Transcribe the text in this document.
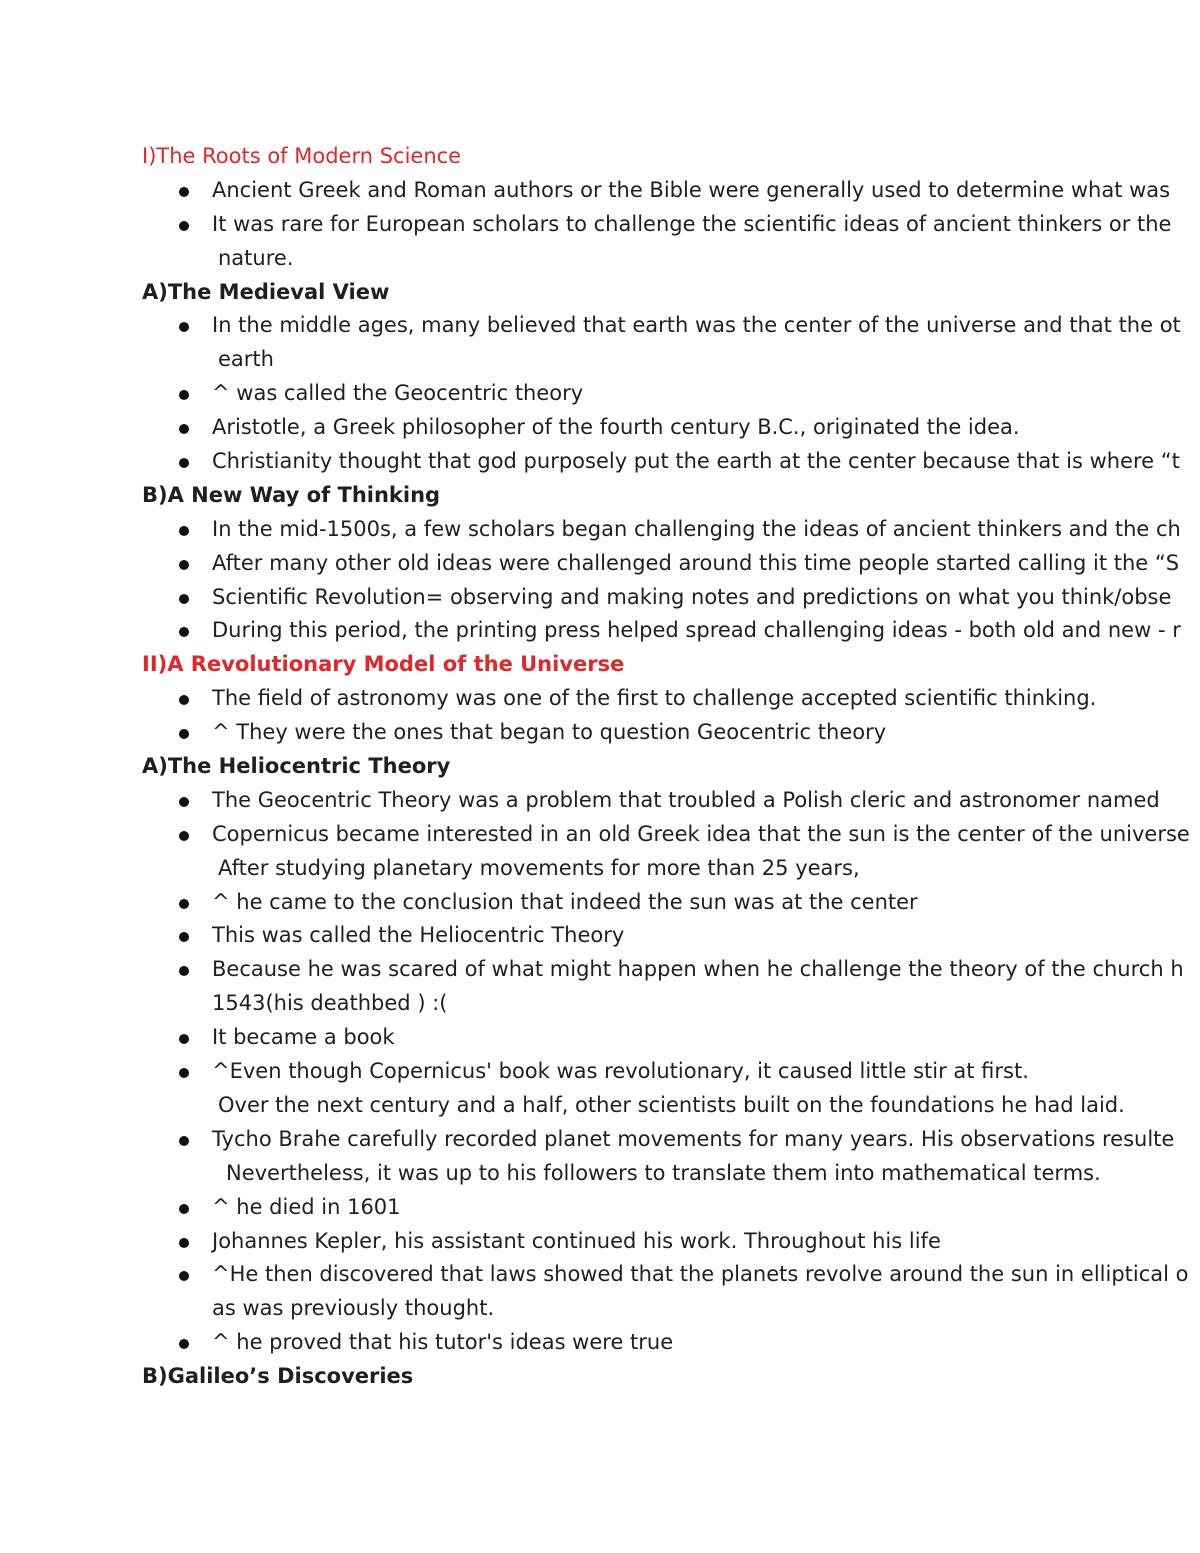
I)The Roots of Modern Science
Ancient Greek and Roman authors or the Bible were generally used to determine what was
It was rare for European scholars to challenge the scientific ideas of ancient thinkers or the
nature.
A)The Medieval View
In the middle ages, many believed that earth was the center of the universe and that the ot
earth
^ was called the Geocentric theory
Aristotle, a Greek philosopher of the fourth century B.C., originated the idea.
Christianity thought that god purposely put the earth at the center because that is where “t
B)A New Way of Thinking
In the mid-1500s, a few scholars began challenging the ideas of ancient thinkers and the ch
After many other old ideas were challenged around this time people started calling it the “S
Scientific Revolution= observing and making notes and predictions on what you think/obse
During this period, the printing press helped spread challenging ideas - both old and new - r
II)A Revolutionary Model of the Universe
The field of astronomy was one of the first to challenge accepted scientific thinking.
^ They were the ones that began to question Geocentric theory
A)The Heliocentric Theory
The Geocentric Theory was a problem that troubled a Polish cleric and astronomer named
Copernicus became interested in an old Greek idea that the sun is the center of the universe
After studying planetary movements for more than 25 years,
^ he came to the conclusion that indeed the sun was at the center
This was called the Heliocentric Theory
Because he was scared of what might happen when he challenge the theory of the church h
1543(his deathbed ) :(
It became a book
^Even though Copernicus' book was revolutionary, it caused little stir at first.
Over the next century and a half, other scientists built on the foundations he had laid.
Tycho Brahe carefully recorded planet movements for many years. His observations resulte
Nevertheless, it was up to his followers to translate them into mathematical terms.
^ he died in 1601
Johannes Kepler, his assistant continued his work. Throughout his life
^He then discovered that laws showed that the planets revolve around the sun in elliptical o
as was previously thought.
^ he proved that his tutor's ideas were true
B)Galileo’s Discoveries
